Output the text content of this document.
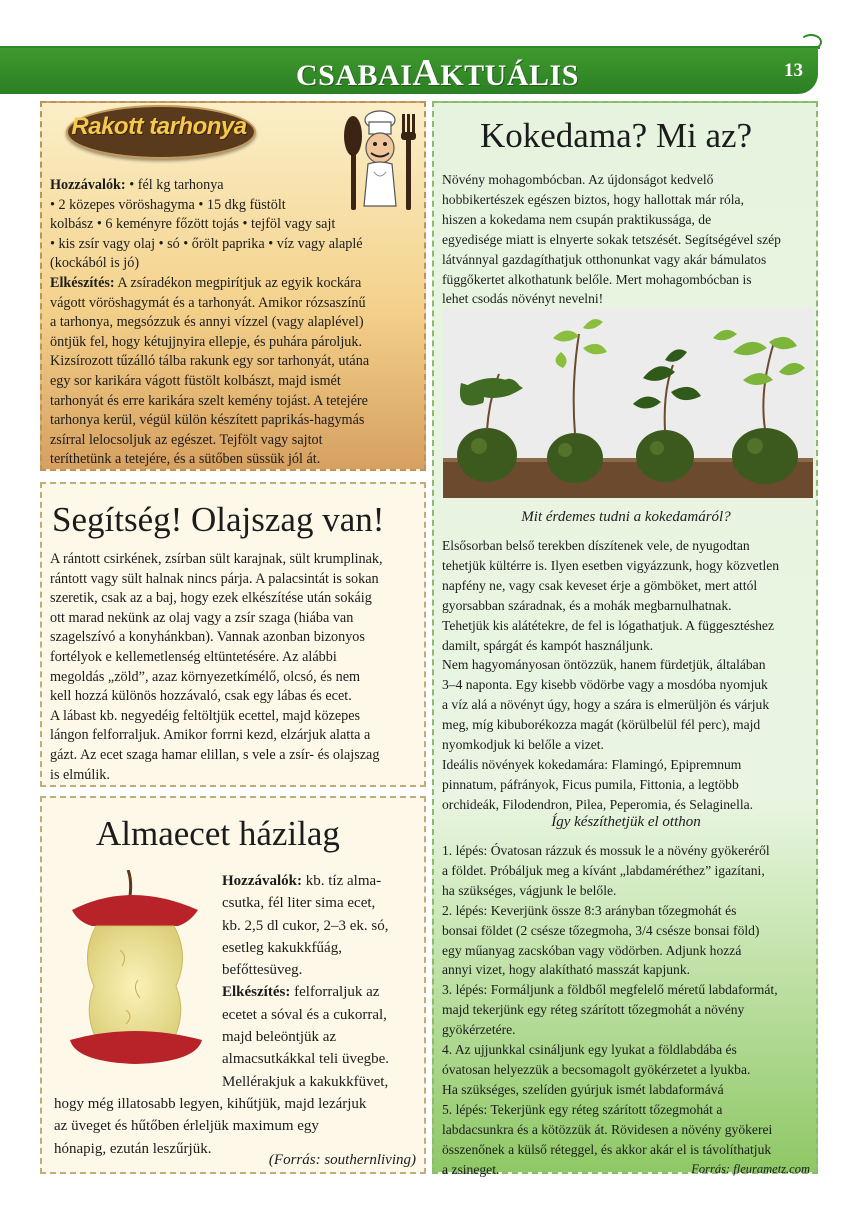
CSABAIAKTUÁLIS	13
Rakott tarhonya

Hozzávalók: • fél kg tarhonya

• 2 közepes vöröshagyma • 15 dkg füstölt

kolbász • 6 keményre főzött tojás • tejföl vagy sajt

• kis zsír vagy olaj • só • őrölt paprika • víz vagy alaplé

(kockából is jó)

Elkészítés: A zsíradékon megpirítjuk az egyik kockára

vágott vöröshagymát és a tarhonyát. Amikor rózsaszínű

a tarhonya, megsózzuk és annyi vízzel (vagy alaplével)

öntjük fel, hogy kétujjnyira ellepje, és puhára pároljuk.

Kizsírozott tűzálló tálba rakunk egy sor tarhonyát, utána

egy sor karikára vágott füstölt kolbászt, majd ismét

tarhonyát és erre karikára szelt kemény tojást. A tetejére

tarhonya kerül, végül külön készített paprikás-hagymás

zsírral lelocsoljuk az egészet. Tejfölt vagy sajtot

teríthetünk a tetejére, és a sütőben süssük jól át.

Segítség! Olajszag van!

A rántott csirkének, zsírban sült karajnak, sült krumplinak,

rántott vagy sült halnak nincs párja. A palacsintát is sokan

szeretik, csak az a baj, hogy ezek elkészítése után sokáig

ott marad nekünk az olaj vagy a zsír szaga (hiába van

szagelszívó a konyhánkban). Vannak azonban bizonyos

fortélyok e kellemetlenség eltüntetésére. Az alábbi

megoldás „zöld”, azaz környezetkímélő, olcsó, és nem

kell hozzá különös hozzávaló, csak egy lábas és ecet.

A lábast kb. negyedéig feltöltjük ecettel, majd közepes

lángon felforraljuk. Amikor forrni kezd, elzárjuk alatta a

gázt. Az ecet szaga hamar elillan, s vele a zsír- és olajszag

is elmúlik.

Almaecet házilag

Hozzávalók: kb. tíz alma-

csutka, fél liter sima ecet,

kb. 2,5 dl cukor, 2–3 ek. só,

esetleg kakukkfűág,

befőttesüveg.

Elkészítés: felforraljuk az

ecetet a sóval és a cukorral,

majd beleöntjük az

almacsutkákkal teli üvegbe.

Mellérakjuk a kakukkfüvet,

hogy még illatosabb legyen, kihűtjük, majd lezárjuk

az üveget és hűtőben érleljük maximum egy

hónapig, ezután leszűrjük.

(Forrás: southernliving)
Kokedama? Mi az?

Növény mohagombócban. Az újdonságot kedvelő

hobbikertészek egészen biztos, hogy hallottak már róla,

hiszen a kokedama nem csupán praktikussága, de

egyedisége miatt is elnyerte sokak tetszését. Segítségével szép

látvánnyal gazdagíthatjuk otthonunkat vagy akár bámulatos

függőkertet alkothatunk belőle. Mert mohagombócban is

lehet csodás növényt nevelni!

Mit érdemes tudni a kokedamáról?

Elsősorban belső terekben díszítenek vele, de nyugodtan

tehetjük kültérre is. Ilyen esetben vigyázzunk, hogy közvetlen

napfény ne, vagy csak keveset érje a gömböket, mert attól

gyorsabban száradnak, és a mohák megbarnulhatnak.

Tehetjük kis alátétekre, de fel is lógathatjuk. A függesztéshez

damilt, spárgát és kampót használjunk.

Nem hagyományosan öntözzük, hanem fürdetjük, általában

3–4 naponta. Egy kisebb vödörbe vagy a mosdóba nyomjuk

a víz alá a növényt úgy, hogy a szára is elmerüljön és várjuk

meg, míg kibuborékozza magát (körülbelül fél perc), majd

nyomkodjuk ki belőle a vizet.

Ideális növények kokedamára: Flamingó, Epipremnum

pinnatum, páfrányok, Ficus pumila, Fittonia, a legtöbb

orchideák, Filodendron, Pilea, Peperomia, és Selaginella.

Így készíthetjük el otthon

1. lépés: Óvatosan rázzuk és mossuk le a növény gyökeréről

a földet. Próbáljuk meg a kívánt „labdaméréthez” igazítani,

ha szükséges, vágjunk le belőle.

2. lépés: Keverjünk össze 8:3 arányban tőzegmohát és

bonsai földet (2 csésze tőzegmoha, 3/4 csésze bonsai föld)

egy műanyag zacskóban vagy vödörben. Adjunk hozzá

annyi vizet, hogy alakítható masszát kapjunk.

3. lépés: Formáljunk a földből megfelelő méretű labdaformát,

majd tekerjünk egy réteg szárított tőzegmohát a növény

gyökérzetére.

4. Az ujjunkkal csináljunk egy lyukat a földlabdába és

óvatosan helyezzük a becsomagolt gyökérzetet a lyukba.

Ha szükséges, szelíden gyúrjuk ismét labdaformává

5. lépés: Tekerjünk egy réteg szárított tőzegmohát a

labdacsunkra és a kötözzük át. Rövidesen a növény gyökerei

összenőnek a külső réteggel, és akkor akár el is távolíthatjuk

a zsineget.	Forrás: fleurametz.com
